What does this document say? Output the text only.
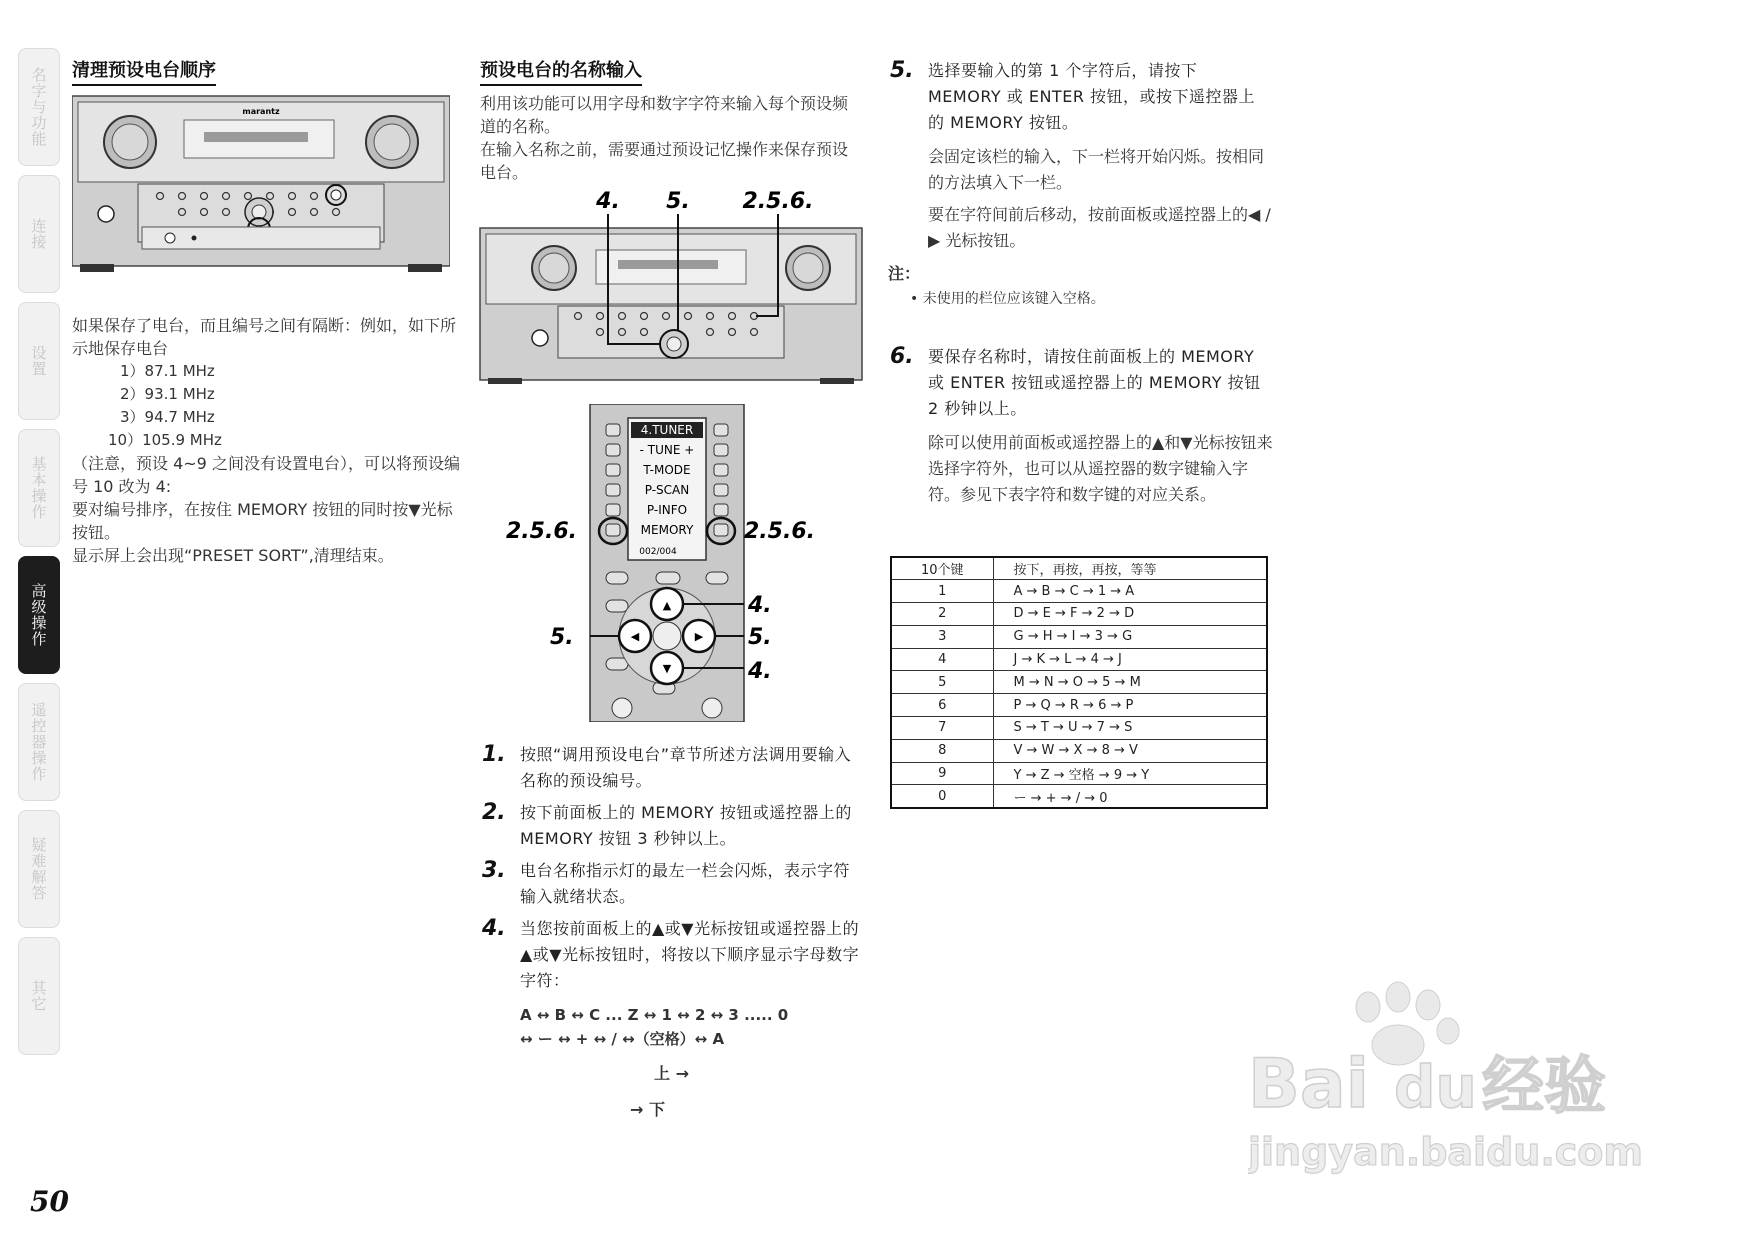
名字与功能
连接
设置
基本操作
高级操作
遥控器操作
疑难解答
其它
50
清理预设电台顺序
marantz
如果保存了电台，而且编号之间有隔断：例如，如下所示地保存电台
1）87.1 MHz
2）93.1 MHz
3）94.7 MHz
10）105.9 MHz
（注意，预设 4~9 之间没有设置电台），可以将预设编号 10 改为 4:
要对编号排序，在按住 MEMORY 按钮的同时按▼光标按钮。
显示屏上会出现“PRESET SORT”,清理结束。
预设电台的名称输入
利用该功能可以用字母和数字字符来输入每个预设频道的名称。
在输入名称之前，需要通过预设记忆操作来保存预设电台。
4. 5. 2.5.6.
4.TUNER
- TUNE +
T-MODE
P-SCAN
P-INFO
MEMORY
002/004
2.5.6.	2.5.6.
▲
◀	▶
▼
4.
5.	5.
4.
1. 按照“调用预设电台”章节所述方法调用要输入名称的预设编号。
2. 按下前面板上的 MEMORY 按钮或遥控器上的 MEMORY 按钮 3 秒钟以上。
3. 电台名称指示灯的最左一栏会闪烁，表示字符输入就绪状态。
4. 当您按前面板上的▲或▼光标按钮或遥控器上的▲或▼光标按钮时，将按以下顺序显示字母数字字符：
A ↔ B ↔ C ... Z ↔ 1 ↔ 2 ↔ 3 ..... 0
↔ ー ↔ + ↔ / ↔（空格）↔ A
上 →
→ 下
5. 选择要输入的第 1 个字符后，请按下 MEMORY 或 ENTER 按钮，或按下遥控器上的 MEMORY 按钮。
会固定该栏的输入，下一栏将开始闪烁。按相同的方法填入下一栏。
要在字符间前后移动，按前面板或遥控器上的◀ / ▶ 光标按钮。
注：
• 未使用的栏位应该键入空格。
6. 要保存名称时，请按住前面板上的 MEMORY 或 ENTER 按钮或遥控器上的 MEMORY 按钮 2 秒钟以上。
除可以使用前面板或遥控器上的▲和▼光标按钮来选择字符外，也可以从遥控器的数字键输入字符。参见下表字符和数字键的对应关系。
10个键	按下，再按，再按，等等
1	A → B → C → 1 → A
2	D → E → F → 2 → D
3	G → H → I → 3 → G
4	J → K → L → 4 → J
5	M → N → O → 5 → M
6	P → Q → R → 6 → P
7	S → T → U → 7 → S
8	V → W → X → 8 → V
9	Y → Z → 空格 → 9 → Y
0	ー → + → / → 0
Bai du 经验
jingyan.baidu.com
